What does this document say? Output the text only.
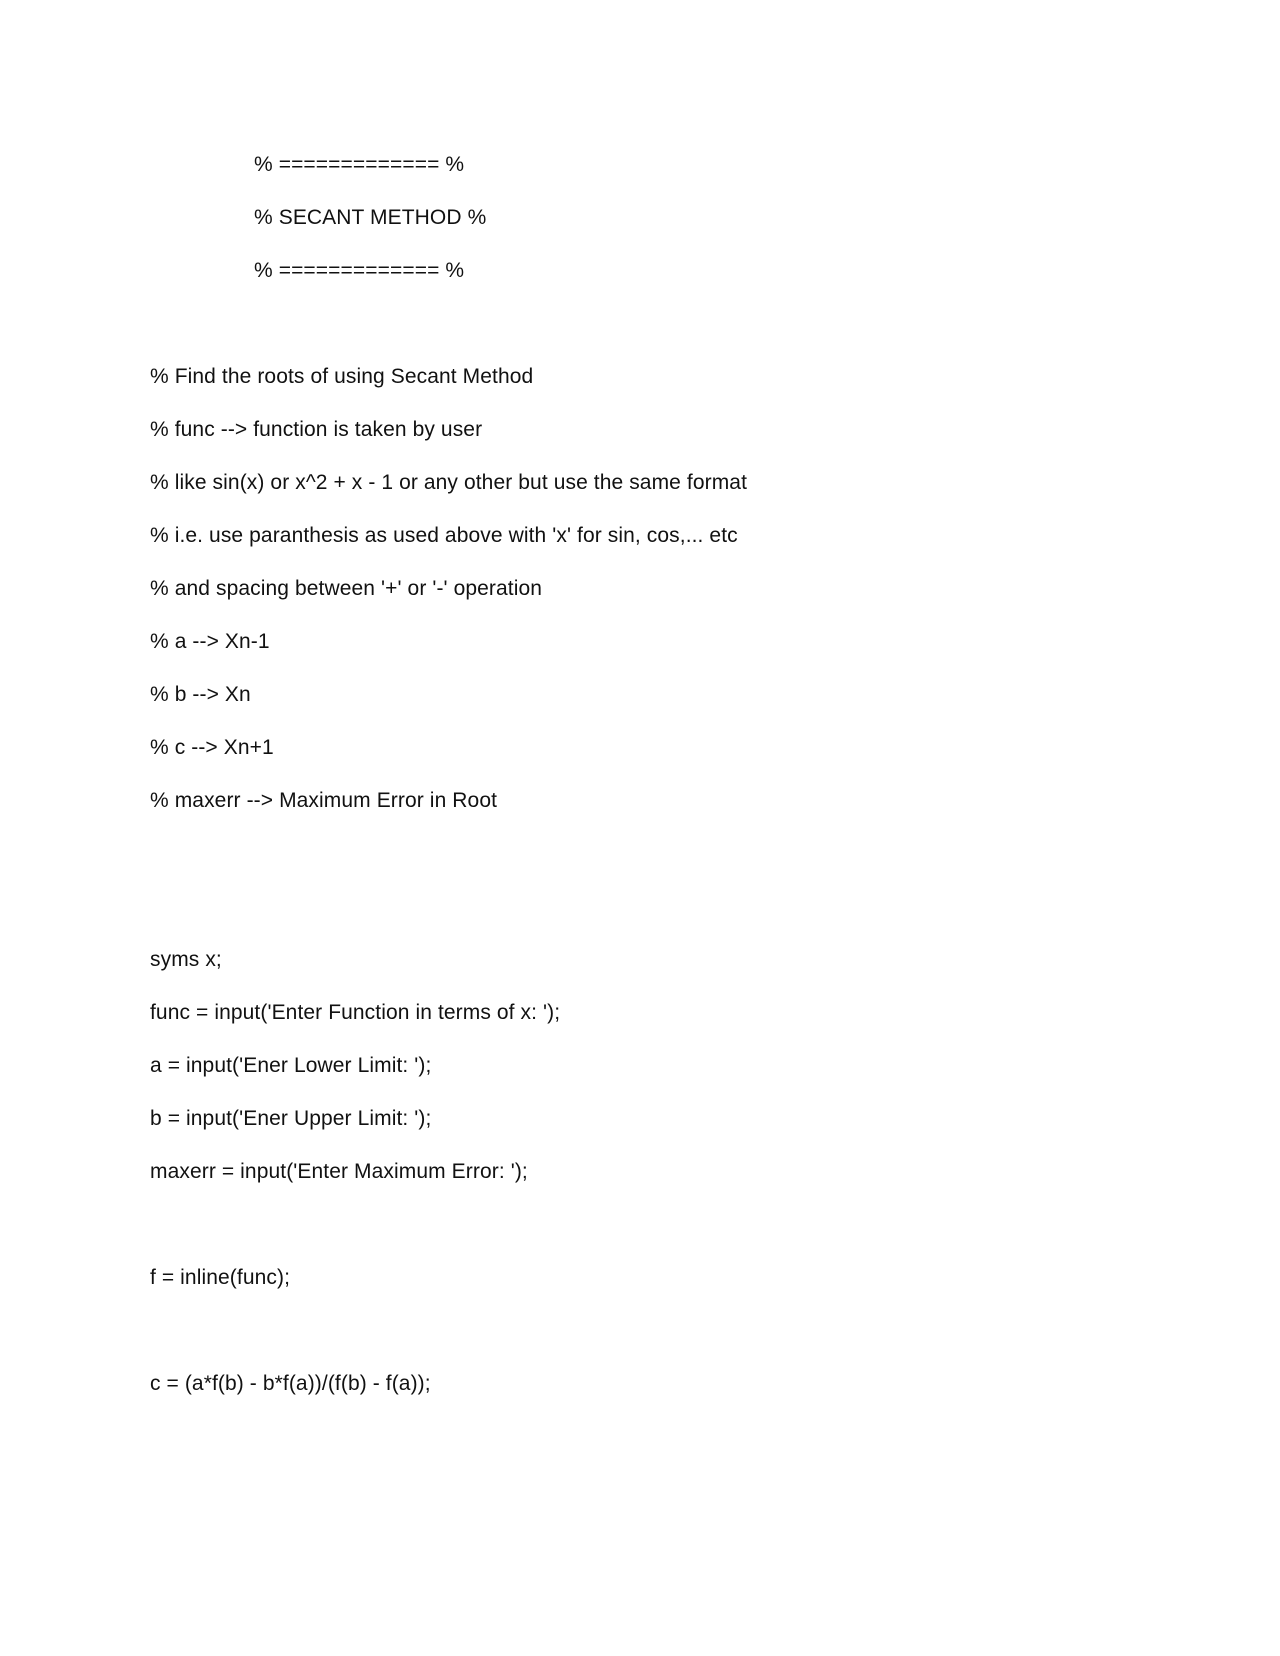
% ============= %
% SECANT METHOD %
% ============= %
% Find the roots of using Secant Method
% func --> function is taken by user
% like sin(x) or x^2 + x - 1 or any other but use the same format
% i.e. use paranthesis as used above with 'x' for sin, cos,... etc
% and spacing between '+' or '-' operation
% a --> Xn-1
% b --> Xn
% c --> Xn+1
% maxerr --> Maximum Error in Root
syms x;
func = input('Enter Function in terms of x: ');
a = input('Ener Lower Limit: ');
b = input('Ener Upper Limit: ');
maxerr = input('Enter Maximum Error: ');
f = inline(func);
c = (a*f(b) - b*f(a))/(f(b) - f(a));
